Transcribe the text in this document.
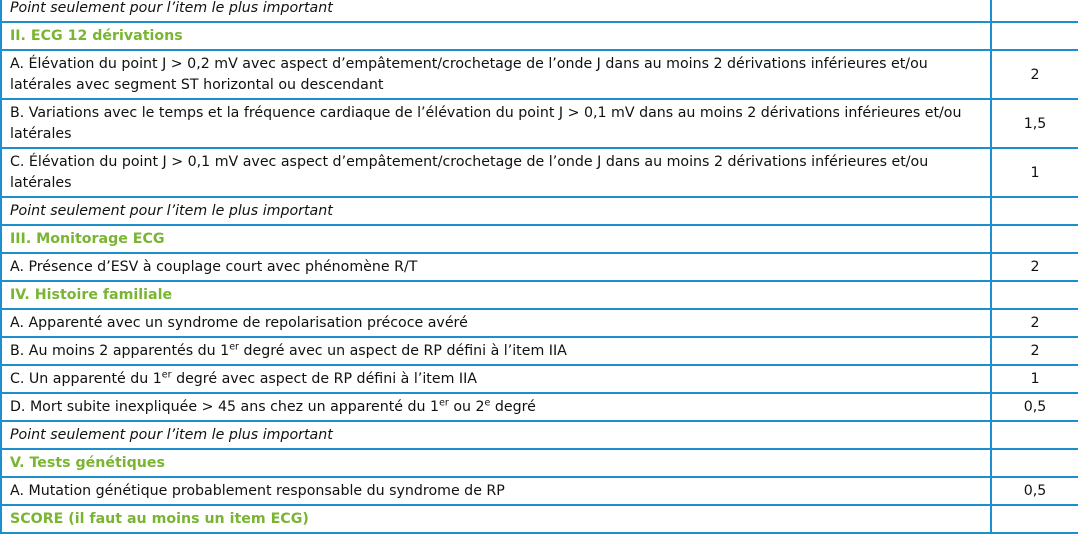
Point seulement pour l’item le plus important	
II. ECG 12 dérivations	
A. Élévation du point J > 0,2 mV avec aspect d’empâtement/crochetage de l’onde J dans au moins 2 dérivations inférieures et/ou latérales avec segment ST horizontal ou descendant	2
B. Variations avec le temps et la fréquence cardiaque de l’élévation du point J > 0,1 mV dans au moins 2 dérivations inférieures et/ou latérales	1,5
C. Élévation du point J > 0,1 mV avec aspect d’empâtement/crochetage de l’onde J dans au moins 2 dérivations inférieures et/ou latérales	1
Point seulement pour l’item le plus important	
III. Monitorage ECG	
A. Présence d’ESV à couplage court avec phénomène R/T	2
IV. Histoire familiale	
A. Apparenté avec un syndrome de repolarisation précoce avéré	2
B. Au moins 2 apparentés du 1er degré avec un aspect de RP défini à l’item IIA	2
C. Un apparenté du 1er degré avec aspect de RP défini à l’item IIA	1
D. Mort subite inexpliquée > 45 ans chez un apparenté du 1er ou 2e degré	0,5
Point seulement pour l’item le plus important	
V. Tests génétiques	
A. Mutation génétique probablement responsable du syndrome de RP	0,5
SCORE (il faut au moins un item ECG)	
